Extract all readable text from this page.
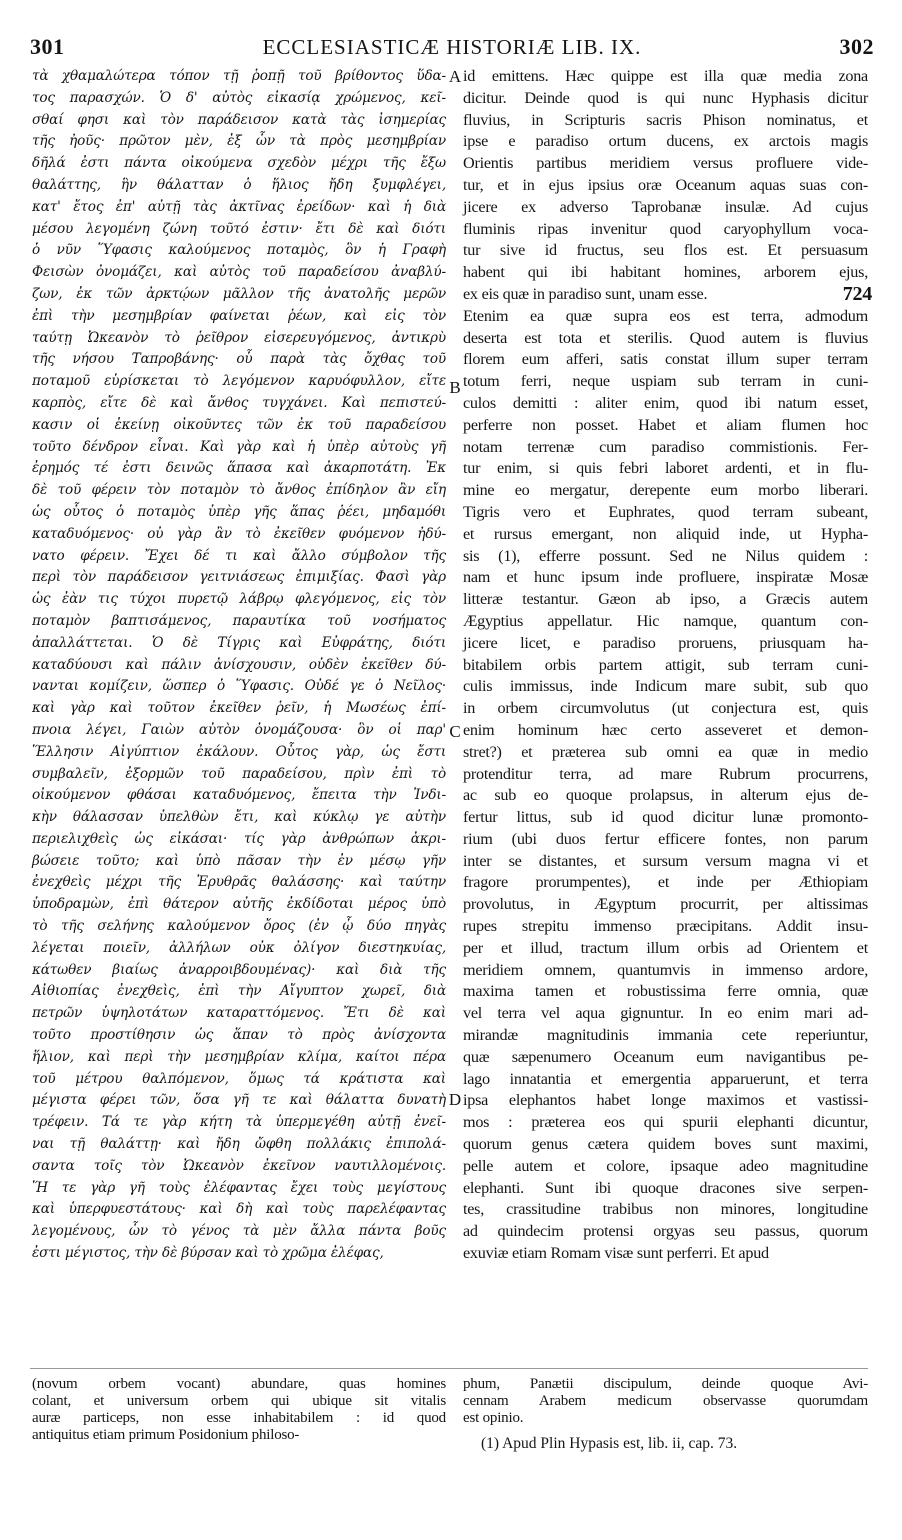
301	ECCLESIASTICÆ HISTORIÆ LIB. IX.	302
τὰ χθαμαλώτερα τόπον τῇ ῥοπῇ τοῦ βρίθοντος ὕδα-
τος παρασχών. Ὁ δ' αὐτὸς εἰκασίᾳ χρώμενος, κεῖ-
σθαί φησι καὶ τὸν παράδεισον κατὰ τὰς ἰσημερίας
τῆς ἠοῦς· πρῶτον μὲν, ἐξ ὧν τὰ πρὸς μεσημβρίαν
δῆλά ἐστι πάντα οἰκούμενα σχεδὸν μέχρι τῆς ἔξω
θαλάττης, ἣν θάλατταν ὁ ἥλιος ἤδη ξυμφλέγει,
κατ' ἔτος ἐπ' αὐτῇ τὰς ἀκτῖνας ἐρείδων· καὶ ἡ διὰ
μέσου λεγομένη ζώνη τοῦτό ἐστιν· ἔτι δὲ καὶ διότι
ὁ νῦν Ὕφασις καλούμενος ποταμὸς, ὃν ἡ Γραφὴ
Φεισὼν ὀνομάζει, καὶ αὐτὸς τοῦ παραδείσου ἀναβλύ-
ζων, ἐκ τῶν ἀρκτῴων μᾶλλον τῆς ἀνατολῆς μερῶν
ἐπὶ τὴν μεσημβρίαν φαίνεται ῥέων, καὶ εἰς τὸν
ταύτῃ Ὠκεανὸν τὸ ῥεῖθρον εἰσερευγόμενος, ἀντικρὺ
τῆς νήσου Ταπροβάνης· οὗ παρὰ τὰς ὄχθας τοῦ
ποταμοῦ εὑρίσκεται τὸ λεγόμενον καρυόφυλλον, εἴτε
καρπὸς, εἴτε δὲ καὶ ἄνθος τυγχάνει. Καὶ πεπιστεύ-
κασιν οἱ ἐκείνῃ οἰκοῦντες τῶν ἐκ τοῦ παραδείσου
τοῦτο δένδρον εἶναι. Καὶ γὰρ καὶ ἡ ὑπὲρ αὐτοὺς γῆ
ἐρημός τέ ἐστι δεινῶς ἅπασα καὶ ἀκαρποτάτη. Ἐκ
δὲ τοῦ φέρειν τὸν ποταμὸν τὸ ἄνθος ἐπίδηλον ἂν εἴη
ὡς οὗτος ὁ ποταμὸς ὑπὲρ γῆς ἅπας ῥέει, μηδαμόθι
καταδυόμενος· οὐ γὰρ ἂν τὸ ἐκεῖθεν φυόμενον ἠδύ-
νατο φέρειν. Ἔχει δέ τι καὶ ἄλλο σύμβολον τῆς
περὶ τὸν παράδεισον γειτνιάσεως ἐπιμιξίας. Φασὶ γὰρ
ὡς ἐὰν τις τύχοι πυρετῷ λάβρῳ φλεγόμενος, εἰς τὸν
ποταμὸν βαπτισάμενος, παραυτίκα τοῦ νοσήματος
ἀπαλλάττεται. Ὁ δὲ Τίγρις καὶ Εὐφράτης, διότι
καταδύουσι καὶ πάλιν ἀνίσχουσιν, οὐδὲν ἐκεῖθεν δύ-
νανται κομίζειν, ὥσπερ ὁ Ὕφασις. Οὐδέ γε ὁ Νεῖλος·
καὶ γὰρ καὶ τοῦτον ἐκεῖθεν ῥεῖν, ἡ Μωσέως ἐπί-
πνοια λέγει, Γαιὼν αὐτὸν ὀνομάζουσα· ὃν οἱ παρ'
Ἕλλησιν Αἰγύπτιον ἐκάλουν. Οὗτος γὰρ, ὡς ἔστι
συμβαλεῖν, ἐξορμῶν τοῦ παραδείσου, πρὶν ἐπὶ τὸ
οἰκούμενον φθάσαι καταδυόμενος, ἔπειτα τὴν Ἰνδι-
κὴν θάλασσαν ὑπελθὼν ἔτι, καὶ κύκλῳ γε αὐτὴν
περιελιχθεὶς ὡς εἰκάσαι· τίς γὰρ ἀνθρώπων ἀκρι-
βώσειε τοῦτο; καὶ ὑπὸ πᾶσαν τὴν ἐν μέσῳ γῆν
ἐνεχθεὶς μέχρι τῆς Ἐρυθρᾶς θαλάσσης· καὶ ταύτην
ὑποδραμὼν, ἐπὶ θάτερον αὐτῆς ἐκδίδοται μέρος ὑπὸ
τὸ τῆς σελήνης καλούμενον ὄρος (ἐν ᾧ δύο πηγὰς
λέγεται ποιεῖν, ἀλλήλων οὐκ ὀλίγον διεστηκυίας,
κάτωθεν βιαίως ἀναρροιβδουμένας)· καὶ διὰ τῆς
Αἰθιοπίας ἐνεχθεὶς, ἐπὶ τὴν Αἴγυπτον χωρεῖ, διὰ
πετρῶν ὑψηλοτάτων καταραττόμενος. Ἔτι δὲ καὶ
τοῦτο προστίθησιν ὡς ἅπαν τὸ πρὸς ἀνίσχοντα
ἥλιον, καὶ περὶ τὴν μεσημβρίαν κλίμα, καίτοι πέρα
τοῦ μέτρου θαλπόμενον, ὅμως τά κράτιστα καὶ
μέγιστα φέρει τῶν, ὅσα γῆ τε καὶ θάλαττα δυνατὴ
τρέφειν. Τά τε γὰρ κήτη τὰ ὑπερμεγέθη αὐτῇ ἐνεῖ-
ναι τῇ θαλάττῃ· καὶ ἤδη ὤφθη πολλάκις ἐπιπολά-
σαντα τοῖς τὸν Ὠκεανὸν ἐκεῖνον ναυτιλλομένοις.
Ἥ τε γὰρ γῆ τοὺς ἐλέφαντας ἔχει τοὺς μεγίστους
καὶ ὑπερφυεστάτους· καὶ δὴ καὶ τοὺς παρελέφαντας
λεγομένους, ὧν τὸ γένος τὰ μὲν ἄλλα πάντα βοῦς
ἐστι μέγιστος, τὴν δὲ βύρσαν καὶ τὸ χρῶμα ἐλέφας,
id emittens. Hæc quippe est illa quæ media zona
dicitur. Deinde quod is qui nunc Hyphasis dicitur
fluvius, in Scripturis sacris Phison nominatus, et
ipse e paradiso ortum ducens, ex arctois magis
Orientis partibus meridiem versus profluere vide-
tur, et in ejus ipsius oræ Oceanum aquas suas con-
jicere ex adverso Taprobanæ insulæ. Ad cujus
fluminis ripas invenitur quod caryophyllum voca-
tur sive id fructus, seu flos est. Et persuasum
habent qui ibi habitant homines, arborem ejus,
ex eis quæ in paradiso sunt, unam esse.	724
Etenim ea quæ supra eos est terra, admodum
deserta est tota et sterilis. Quod autem is fluvius
florem eum afferi, satis constat illum super terram
totum ferri, neque uspiam sub terram in cuni-
culos demitti : aliter enim, quod ibi natum esset,
perferre non posset. Habet et aliam flumen hoc
notam terrenæ cum paradiso commistionis. Fer-
tur enim, si quis febri laboret ardenti, et in flu-
mine eo mergatur, derepente eum morbo liberari.
Tigris vero et Euphrates, quod terram subeant,
et rursus emergant, non aliquid inde, ut Hypha-
sis (1), efferre possunt. Sed ne Nilus quidem :
nam et hunc ipsum inde profluere, inspiratæ Mosæ
litteræ testantur. Gæon ab ipso, a Græcis autem
Ægyptius appellatur. Hic namque, quantum con-
jicere licet, e paradiso proruens, priusquam ha-
bitabilem orbis partem attigit, sub terram cuni-
culis immissus, inde Indicum mare subit, sub quo
in orbem circumvolutus (ut conjectura est, quis
enim hominum hæc certo asseveret et demon-
stret?) et præterea sub omni ea quæ in medio
protenditur terra, ad mare Rubrum procurrens,
ac sub eo quoque prolapsus, in alterum ejus de-
fertur littus, sub id quod dicitur lunæ promonto-
rium (ubi duos fertur efficere fontes, non parum
inter se distantes, et sursum versum magna vi et
fragore prorumpentes), et inde per Æthiopiam
provolutus, in Ægyptum procurrit, per altissimas
rupes strepitu immenso præcipitans. Addit insu-
per et illud, tractum illum orbis ad Orientem et
meridiem omnem, quantumvis in immenso ardore,
maxima tamen et robustissima ferre omnia, quæ
vel terra vel aqua gignuntur. In eo enim mari ad-
mirandæ magnitudinis immania cete reperiuntur,
quæ sæpenumero Oceanum eum navigantibus pe-
lago innatantia et emergentia apparuerunt, et terra
ipsa elephantos habet longe maximos et vastissi-
mos : præterea eos qui spurii elephanti dicuntur,
quorum genus cætera quidem boves sunt maximi,
pelle autem et colore, ipsaque adeo magnitudine
elephanti. Sunt ibi quoque dracones sive serpen-
tes, crassitudine trabibus non minores, longitudine
ad quindecim protensi orgyas seu passus, quorum
exuviæ etiam Romam visæ sunt perferri. Et apud
A
B
C
D
(novum orbem vocant) abundare, quas homines
colant, et universum orbem qui ubique sit vitalis
auræ particeps, non esse inhabitabilem : id quod
antiquitus etiam primum Posidonium philoso-
phum, Panætii discipulum, deinde quoque Avi-
cennam Arabem medicum observasse quorumdam
est opinio.
(1) Apud Plin Hypasis est, lib. ii, cap. 73.
